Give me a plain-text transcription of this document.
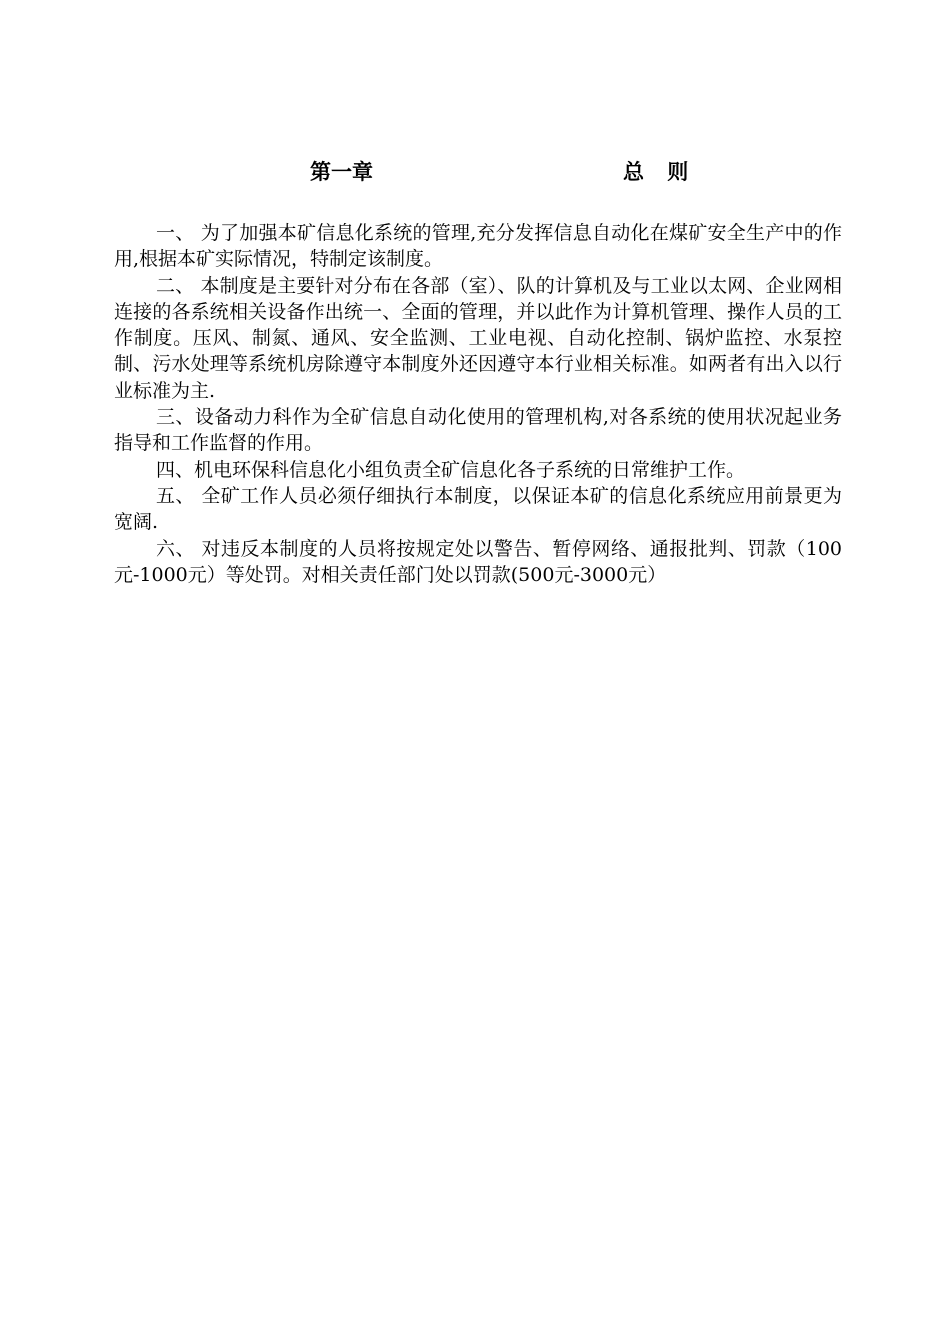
第一章	总 则

一、 为了加强本矿信息化系统的管理,充分发挥信息自动化在煤矿安全生产中的作用,根据本矿实际情况，特制定该制度。

二、 本制度是主要针对分布在各部（室）、队的计算机及与工业以太网、企业网相连接的各系统相关设备作出统一、全面的管理，并以此作为计算机管理、操作人员的工作制度。压风、制氮、通风、安全监测、工业电视、自动化控制、锅炉监控、水泵控制、污水处理等系统机房除遵守本制度外还因遵守本行业相关标准。如两者有出入以行业标准为主.

三、设备动力科作为全矿信息自动化使用的管理机构,对各系统的使用状况起业务指导和工作监督的作用。

四、机电环保科信息化小组负责全矿信息化各子系统的日常维护工作。

五、 全矿工作人员必须仔细执行本制度，以保证本矿的信息化系统应用前景更为宽阔.

六、 对违反本制度的人员将按规定处以警告、暂停网络、通报批判、罚款（100元-1000元）等处罚。对相关责任部门处以罚款(500元-3000元）
